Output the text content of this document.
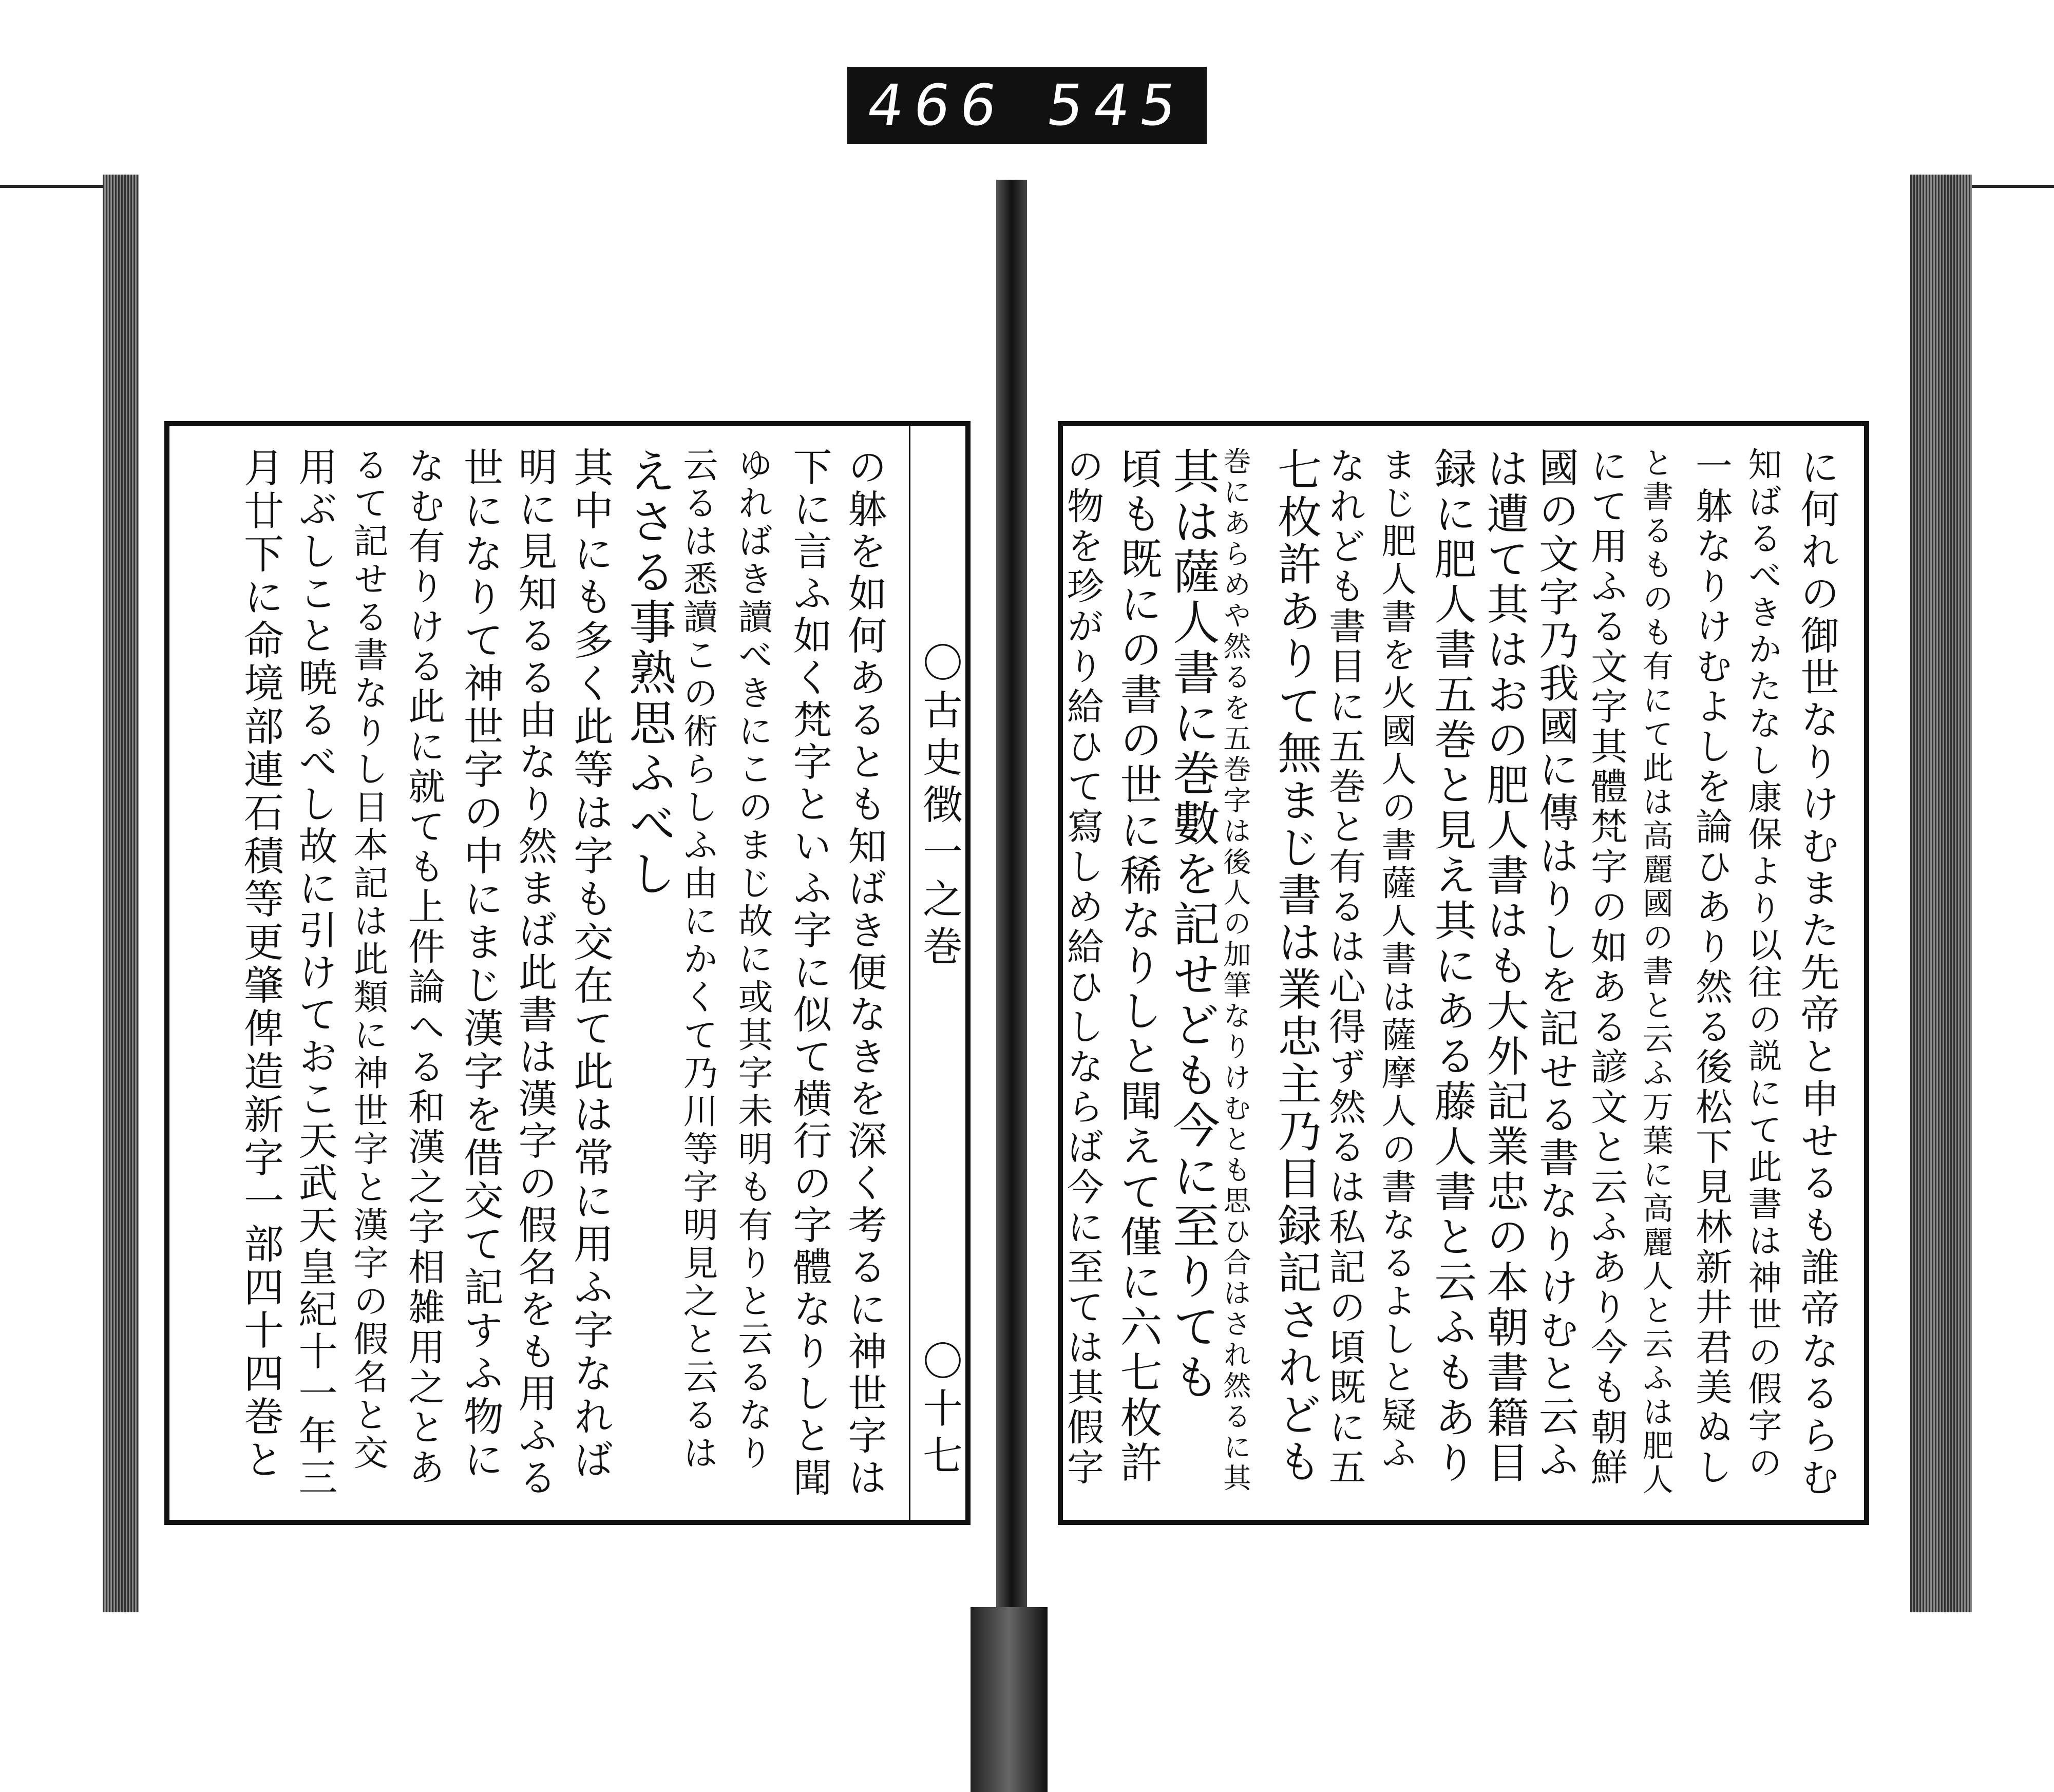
466 545
に何れの御世なりけむまた先帝と申せるも誰帝なるらむ
知ばるべきかたなし康保より以往の説にて此書は神世の假字の
一躰なりけむよしを論ひあり然る後松下見林新井君美ぬし
と書るものも有にて此は高麗國の書と云ふ万葉に高麗人と云ふは肥人
にて用ふる文字其體梵字の如ある諺文と云ふあり今も朝鮮
國の文字乃我國に傳はりしを記せる書なりけむと云ふ
は遭て其はおの肥人書はも大外記業忠の本朝書籍目
録に肥人書五巻と見え其にある藤人書と云ふもあり
まじ肥人書を火國人の書薩人書は薩摩人の書なるよしと疑ふ
なれども書目に五巻と有るは心得ず然るは私記の頃既に五
七枚許ありて無まじ書は業忠主乃目録記されども
巻にあらめや然るを五巻字は後人の加筆なりけむとも思ひ合はされ然るに其
其は薩人書に巻數を記せども今に至りても
頃も既にの書の世に稀なりしと聞えて僅に六七枚許
の物を珍がり給ひて寫しめ給ひしならば今に至ては其假字
の躰を如何あるとも知ばき便なきを深く考るに神世字は
下に言ふ如く梵字といふ字に似て横行の字體なりしと聞
ゆればき讀べきにこのまじ故に或其字未明も有りと云るなり
云るは悉讀この術らしふ由にかくて乃川等字明見之と云るは
えさる事熟思ふべし
其中にも多く此等は字も交在て此は常に用ふ字なれば
明に見知るる由なり然まば此書は漢字の假名をも用ふる
世になりて神世字の中にまじ漢字を借交て記すふ物に
なむ有りける此に就ても上件論へる和漢之字相雑用之とあ
るて記せる書なりし日本記は此類に神世字と漢字の假名と交
用ぶしこと暁るべし故に引けておこ天武天皇紀十一年三
月廿下に命境部連石積等更肇俾造新字一部四十四巻と	〇古史徴一之巻
〇十七
